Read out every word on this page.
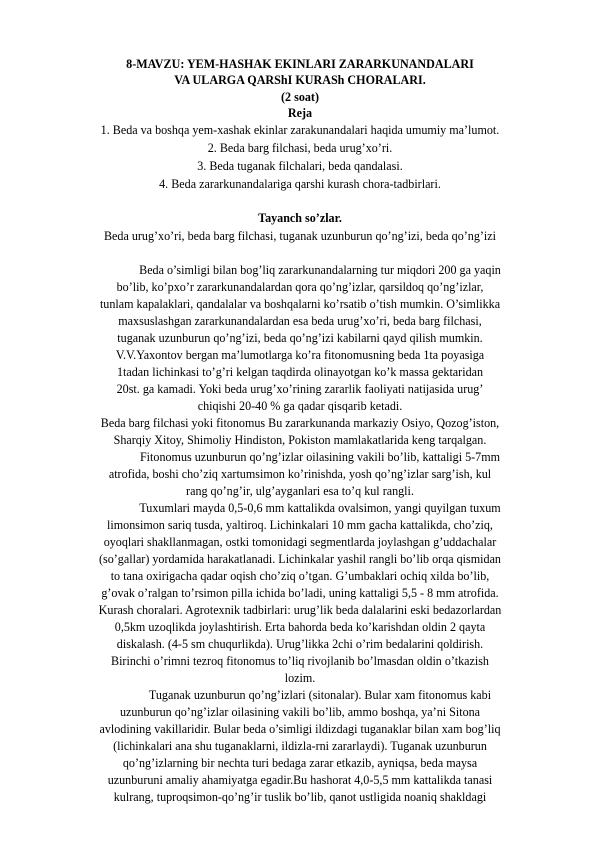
8-MAVZU: YEM-HASHAK EKINLARI ZARARKUNANDALARI
VA ULARGA QARShI KURASh CHORALARI.
(2 soat)
Reja
1. Beda va boshqa yem-xashak ekinlar zarakunandalari haqida umumiy ma’lumot.
2. Beda barg filchasi, beda urug’xo’ri.
3. Beda tuganak filchalari, beda qandalasi.
4. Beda zararkunandalariga qarshi kurash chora-tadbirlari.
Tayanch so’zlar.
Beda urug’xo’ri, beda barg filchasi, tuganak uzunburun qo’ng’izi, beda qo’ng’izi
Beda o’simligi bilan bog’liq zararkunandalarning tur miqdori 200 ga yaqin
bo’lib, ko’pxo’r zararkunandalardan qora qo’ng’izlar, qarsildoq qo’ng’izlar,
tunlam kapalaklari, qandalalar va boshqalarni ko’rsatib o’tish mumkin. O’simlikka
maxsuslashgan zararkunandalardan esa beda urug’xo’ri, beda barg filchasi,
tuganak uzunburun qo’ng’izi, beda qo’ng’izi kabilarni qayd qilish mumkin.
V.V.Yaxontov bergan ma’lumotlarga ko’ra fitonomusning beda 1ta poyasiga
1tadan lichinkasi to’g’ri kelgan taqdirda olinayotgan ko’k massa gektaridan
20st. ga kamadi. Yoki beda urug’xo’rining zararlik faoliyati natijasida urug’
chiqishi 20-40 % ga qadar qisqarib ketadi.
Beda barg filchasi yoki fitonomus Bu zararkunanda markaziy Osiyo, Qozog’iston,
Sharqiy Xitoy, Shimoliy Hindiston, Pokiston mamlakatlarida keng tarqalgan.
Fitonomus uzunburun qo’ng’izlar oilasining vakili bo’lib, kattaligi 5-7mm
atrofida, boshi cho’ziq xartumsimon ko’rinishda, yosh qo’ng’izlar sarg’ish, kul
rang qo’ng’ir, ulg’ayganlari esa to’q kul rangli.
Tuxumlari mayda 0,5-0,6 mm kattalikda ovalsimon, yangi quyilgan tuxum
limonsimon sariq tusda, yaltiroq. Lichinkalari 10 mm gacha kattalikda, cho’ziq,
oyoqlari shakllanmagan, ostki tomonidagi segmentlarda joylashgan g’uddachalar
(so’gallar) yordamida harakatlanadi. Lichinkalar yashil rangli bo’lib orqa qismidan
to tana oxirigacha qadar oqish cho’ziq o’tgan. G’umbaklari ochiq xilda bo’lib,
g’ovak o’ralgan to’rsimon pilla ichida bo’ladi, uning kattaligi 5,5 - 8 mm atrofida.
Kurash choralari. Agrotexnik tadbirlari: urug’lik beda dalalarini eski bedazorlardan
0,5km uzoqlikda joylashtirish. Erta bahorda beda ko’karishdan oldin 2 qayta
diskalash. (4-5 sm chuqurlikda). Urug’likka 2chi o’rim bedalarini qoldirish.
Birinchi o’rimni tezroq fitonomus to’liq rivojlanib bo’lmasdan oldin o’tkazish
lozim.
Tuganak uzunburun qo’ng’izlari (sitonalar). Bular xam fitonomus kabi
uzunburun qo’ng’izlar oilasining vakili bo’lib, ammo boshqa, ya’ni Sitona
avlodining vakillaridir. Bular beda o’simligi ildizdagi tuganaklar bilan xam bog’liq
(lichinkalari ana shu tuganaklarni, ildizla-rni zararlaydi). Tuganak uzunburun
qo’ng’izlarning bir nechta turi bedaga zarar etkazib, ayniqsa, beda maysa
uzunburuni amaliy ahamiyatga egadir.Bu hashorat 4,0-5,5 mm kattalikda tanasi
kulrang, tuproqsimon-qo’ng’ir tuslik bo’lib, qanot ustligida noaniq shakldagi
